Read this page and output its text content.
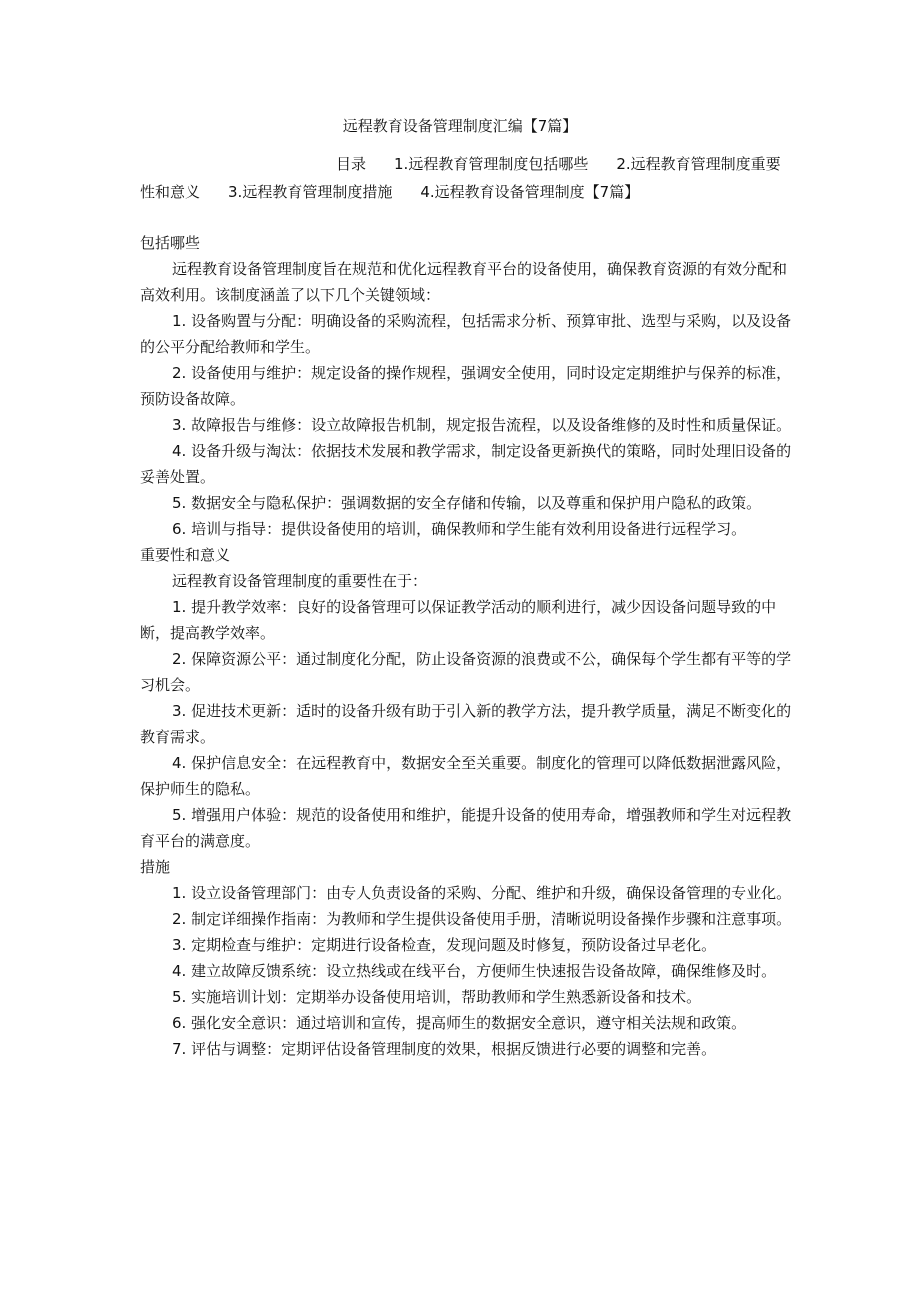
远程教育设备管理制度汇编【7篇】
目录 1.远程教育管理制度包括哪些 2.远程教育管理制度重要性和意义 3.远程教育管理制度措施 4.远程教育设备管理制度【7篇】

包括哪些

远程教育设备管理制度旨在规范和优化远程教育平台的设备使用，确保教育资源的有效分配和高效利用。该制度涵盖了以下几个关键领域：

1. 设备购置与分配：明确设备的采购流程，包括需求分析、预算审批、选型与采购，以及设备的公平分配给教师和学生。

2. 设备使用与维护：规定设备的操作规程，强调安全使用，同时设定定期维护与保养的标准，预防设备故障。

3. 故障报告与维修：设立故障报告机制，规定报告流程，以及设备维修的及时性和质量保证。

4. 设备升级与淘汰：依据技术发展和教学需求，制定设备更新换代的策略，同时处理旧设备的妥善处置。

5. 数据安全与隐私保护：强调数据的安全存储和传输，以及尊重和保护用户隐私的政策。

6. 培训与指导：提供设备使用的培训，确保教师和学生能有效利用设备进行远程学习。

重要性和意义

远程教育设备管理制度的重要性在于：

1. 提升教学效率：良好的设备管理可以保证教学活动的顺利进行，减少因设备问题导致的中断，提高教学效率。

2. 保障资源公平：通过制度化分配，防止设备资源的浪费或不公，确保每个学生都有平等的学习机会。

3. 促进技术更新：适时的设备升级有助于引入新的教学方法，提升教学质量，满足不断变化的教育需求。

4. 保护信息安全：在远程教育中，数据安全至关重要。制度化的管理可以降低数据泄露风险，保护师生的隐私。

5. 增强用户体验：规范的设备使用和维护，能提升设备的使用寿命，增强教师和学生对远程教育平台的满意度。

措施

1. 设立设备管理部门：由专人负责设备的采购、分配、维护和升级，确保设备管理的专业化。

2. 制定详细操作指南：为教师和学生提供设备使用手册，清晰说明设备操作步骤和注意事项。

3. 定期检查与维护：定期进行设备检查，发现问题及时修复，预防设备过早老化。

4. 建立故障反馈系统：设立热线或在线平台，方便师生快速报告设备故障，确保维修及时。

5. 实施培训计划：定期举办设备使用培训，帮助教师和学生熟悉新设备和技术。

6. 强化安全意识：通过培训和宣传，提高师生的数据安全意识，遵守相关法规和政策。

7. 评估与调整：定期评估设备管理制度的效果，根据反馈进行必要的调整和完善。
